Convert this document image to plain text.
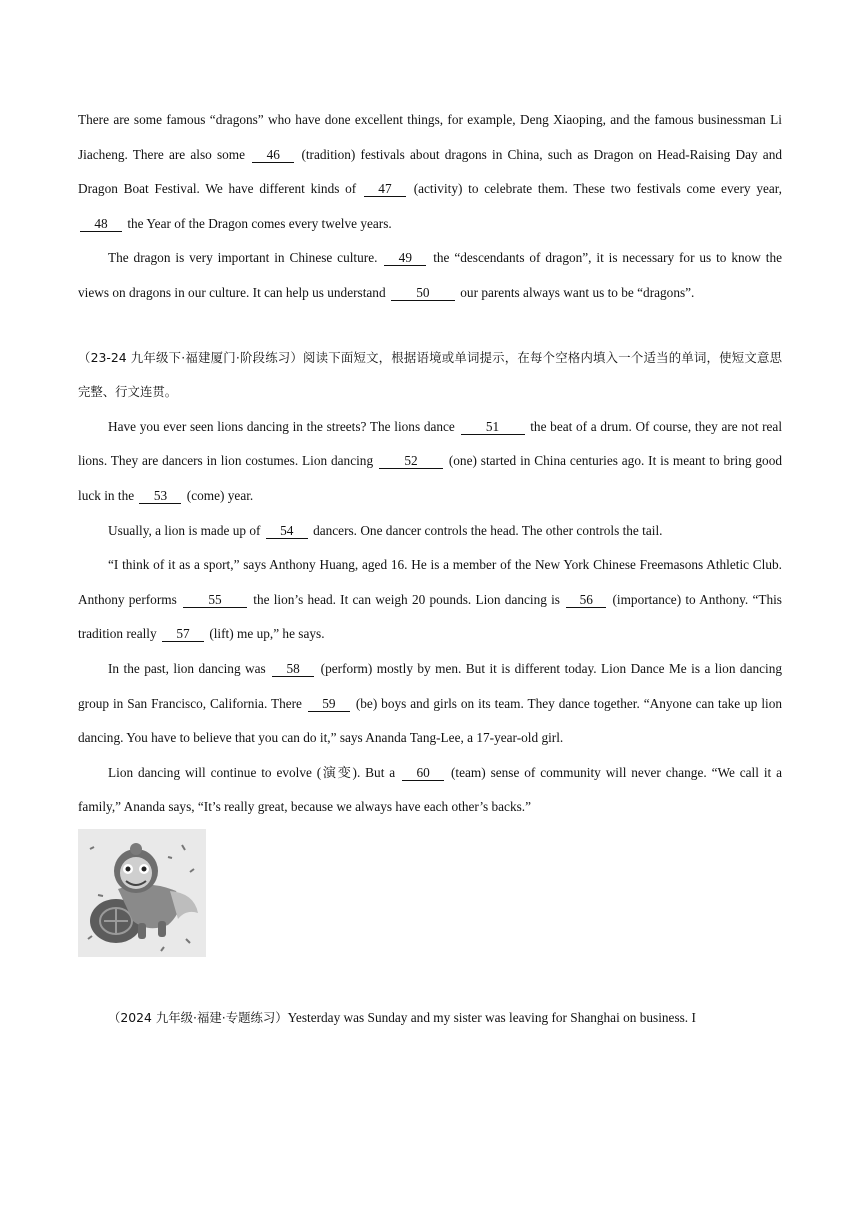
There are some famous “dragons” who have done excellent things, for example, Deng Xiaoping, and the famous businessman Li Jiacheng. There are also some 46 (tradition) festivals about dragons in China, such as Dragon on Head-Raising Day and Dragon Boat Festival. We have different kinds of 47 (activity) to celebrate them. These two festivals come every year, 48 the Year of the Dragon comes every twelve years.

The dragon is very important in Chinese culture. 49 the “descendants of dragon”, it is necessary for us to know the views on dragons in our culture. It can help us understand 50 our parents always want us to be “dragons”.

（23-24 九年级下·福建厦门·阶段练习）阅读下面短文，根据语境或单词提示，在每个空格内填入一个适当的单词，使短文意思完整、行文连贯。

Have you ever seen lions dancing in the streets? The lions dance 51 the beat of a drum. Of course, they are not real lions. They are dancers in lion costumes. Lion dancing 52 (one) started in China centuries ago. It is meant to bring good luck in the 53 (come) year.

Usually, a lion is made up of 54 dancers. One dancer controls the head. The other controls the tail.

“I think of it as a sport,” says Anthony Huang, aged 16. He is a member of the New York Chinese Freemasons Athletic Club. Anthony performs 55 the lion’s head. It can weigh 20 pounds. Lion dancing is 56 (importance) to Anthony. “This tradition really 57 (lift) me up,” he says.

In the past, lion dancing was 58 (perform) mostly by men. But it is different today. Lion Dance Me is a lion dancing group in San Francisco, California. There 59 (be) boys and girls on its team. They dance together. “Anyone can take up lion dancing. You have to believe that you can do it,” says Ananda Tang-Lee, a 17-year-old girl.

Lion dancing will continue to evolve (演变). But a 60 (team) sense of community will never change. “We call it a family,” Ananda says, “It’s really great, because we always have each other’s backs.”

（2024 九年级·福建·专题练习）Yesterday was Sunday and my sister was leaving for Shanghai on business. I
